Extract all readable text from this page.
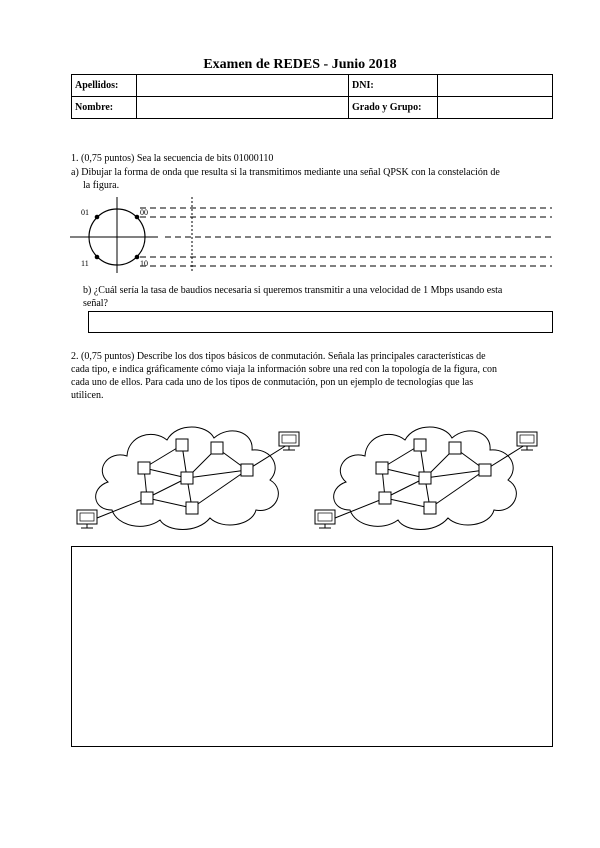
Examen de REDES - Junio 2018
Apellidos:		DNI:	
Nombre:		Grado y Grupo:	
1. (0,75 puntos) Sea la secuencia de bits 01000110
a) Dibujar la forma de onda que resulta si la transmitimos mediante una señal QPSK con la constelación de
la figura.
01	00
11	10
b) ¿Cuál sería la tasa de baudios necesaria si queremos transmitir a una velocidad de 1 Mbps usando esta
señal?
2. (0,75 puntos) Describe los dos tipos básicos de conmutación. Señala las principales características de
cada tipo, e indica gráficamente cómo viaja la información sobre una red con la topología de la figura, con
cada uno de ellos. Para cada uno de los tipos de conmutación, pon un ejemplo de tecnologías que las
utilicen.
